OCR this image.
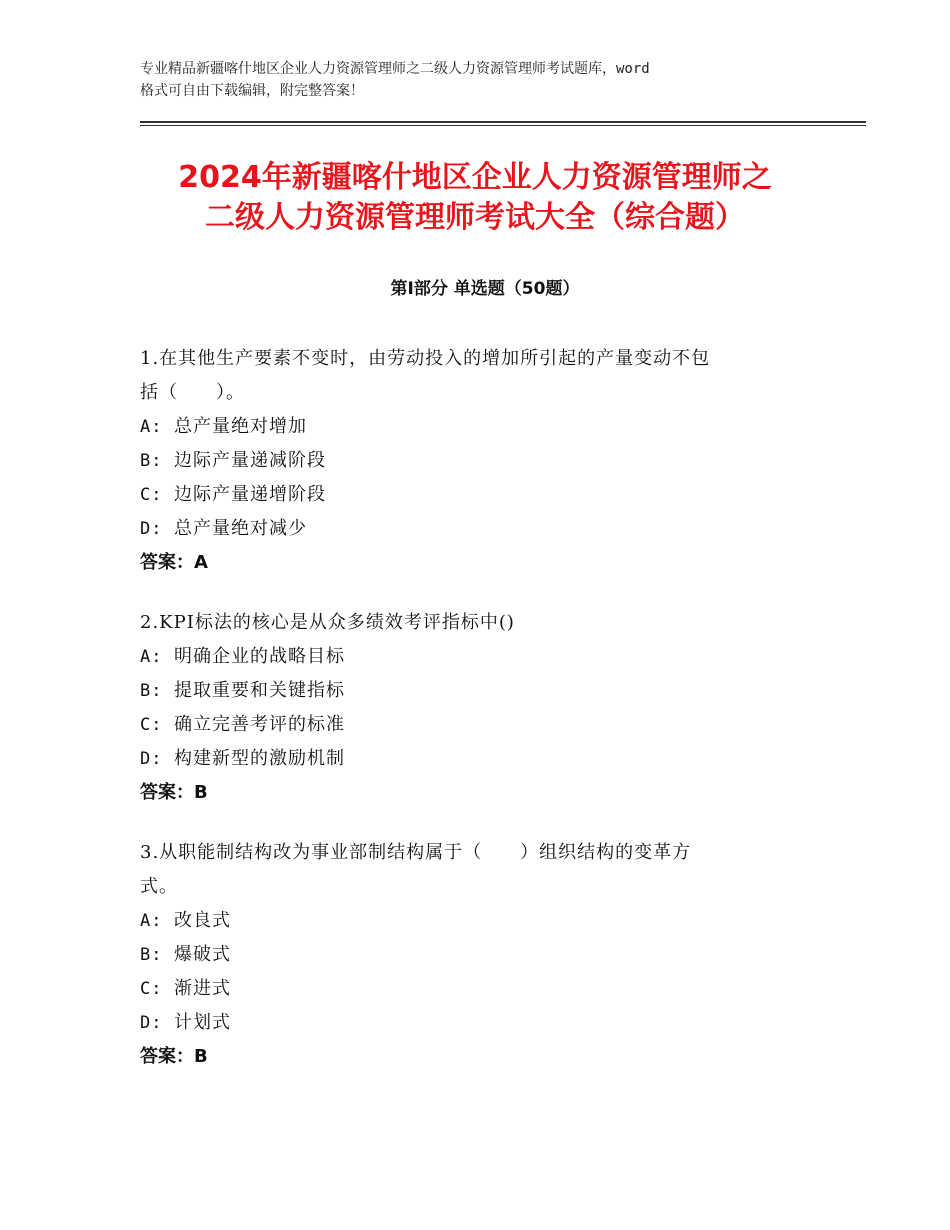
专业精品新疆喀什地区企业人力资源管理师之二级人力资源管理师考试题库，word
格式可自由下载编辑，附完整答案！
2024年新疆喀什地区企业人力资源管理师之
二级人力资源管理师考试大全（综合题）
第Ⅰ部分 单选题（50题）
1.在其他生产要素不变时，由劳动投入的增加所引起的产量变动不包
括（　　）。
A: 总产量绝对增加
B: 边际产量递减阶段
C: 边际产量递增阶段
D: 总产量绝对减少
答案：A
2.KPI标法的核心是从众多绩效考评指标中()
A: 明确企业的战略目标
B: 提取重要和关键指标
C: 确立完善考评的标准
D: 构建新型的激励机制
答案：B
3.从职能制结构改为事业部制结构属于（　　）组织结构的变革方
式。
A: 改良式
B: 爆破式
C: 渐进式
D: 计划式
答案：B
